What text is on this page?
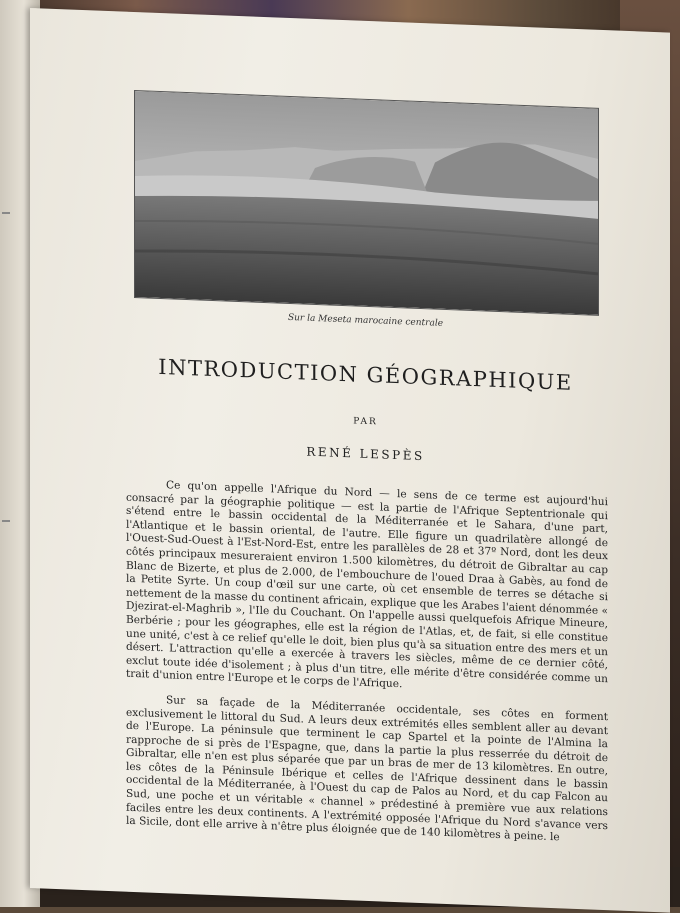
Sur la Meseta marocaine centrale
INTRODUCTION GÉOGRAPHIQUE
PAR
RENÉ LESPÈS

Ce qu'on appelle l'Afrique du Nord — le sens de ce terme est aujourd'hui consacré par la géographie politique — est la partie de l'Afrique Septentrionale qui s'étend entre le bassin occidental de la Méditerranée et le Sahara, d'une part, l'Atlantique et le bassin oriental, de l'autre. Elle figure un quadrilatère allongé de l'Ouest-Sud-Ouest à l'Est-Nord-Est, entre les parallèles de 28 et 37º Nord, dont les deux côtés principaux mesureraient environ 1.500 kilomètres, du détroit de Gibraltar au cap Blanc de Bizerte, et plus de 2.000, de l'embouchure de l'oued Draa à Gabès, au fond de la Petite Syrte. Un coup d'œil sur une carte, où cet ensemble de terres se détache si nettement de la masse du continent africain, explique que les Arabes l'aient dénommée « Djezirat-el-Maghrib », l'Ile du Couchant. On l'appelle aussi quelquefois Afrique Mineure, Berbérie ; pour les géographes, elle est la région de l'Atlas, et, de fait, si elle constitue une unité, c'est à ce relief qu'elle le doit, bien plus qu'à sa situation entre des mers et un désert. L'attraction qu'elle a exercée à travers les siècles, même de ce dernier côté, exclut toute idée d'isolement ; à plus d'un titre, elle mérite d'être considérée comme un trait d'union entre l'Europe et le corps de l'Afrique.

Sur sa façade de la Méditerranée occidentale, ses côtes en forment exclusivement le littoral du Sud. A leurs deux extrémités elles semblent aller au devant de l'Europe. La péninsule que terminent le cap Spartel et la pointe de l'Almina la rapproche de si près de l'Espagne, que, dans la partie la plus resserrée du détroit de Gibraltar, elle n'en est plus séparée que par un bras de mer de 13 kilomètres. En outre, les côtes de la Péninsule Ibérique et celles de l'Afrique dessinent dans le bassin occidental de la Méditerranée, à l'Ouest du cap de Palos au Nord, et du cap Falcon au Sud, une poche et un véritable « channel » prédestiné à première vue aux relations faciles entre les deux continents. A l'extrémité opposée l'Afrique du Nord s'avance vers la Sicile, dont elle arrive à n'être plus éloignée que de 140 kilomètres à peine. le
